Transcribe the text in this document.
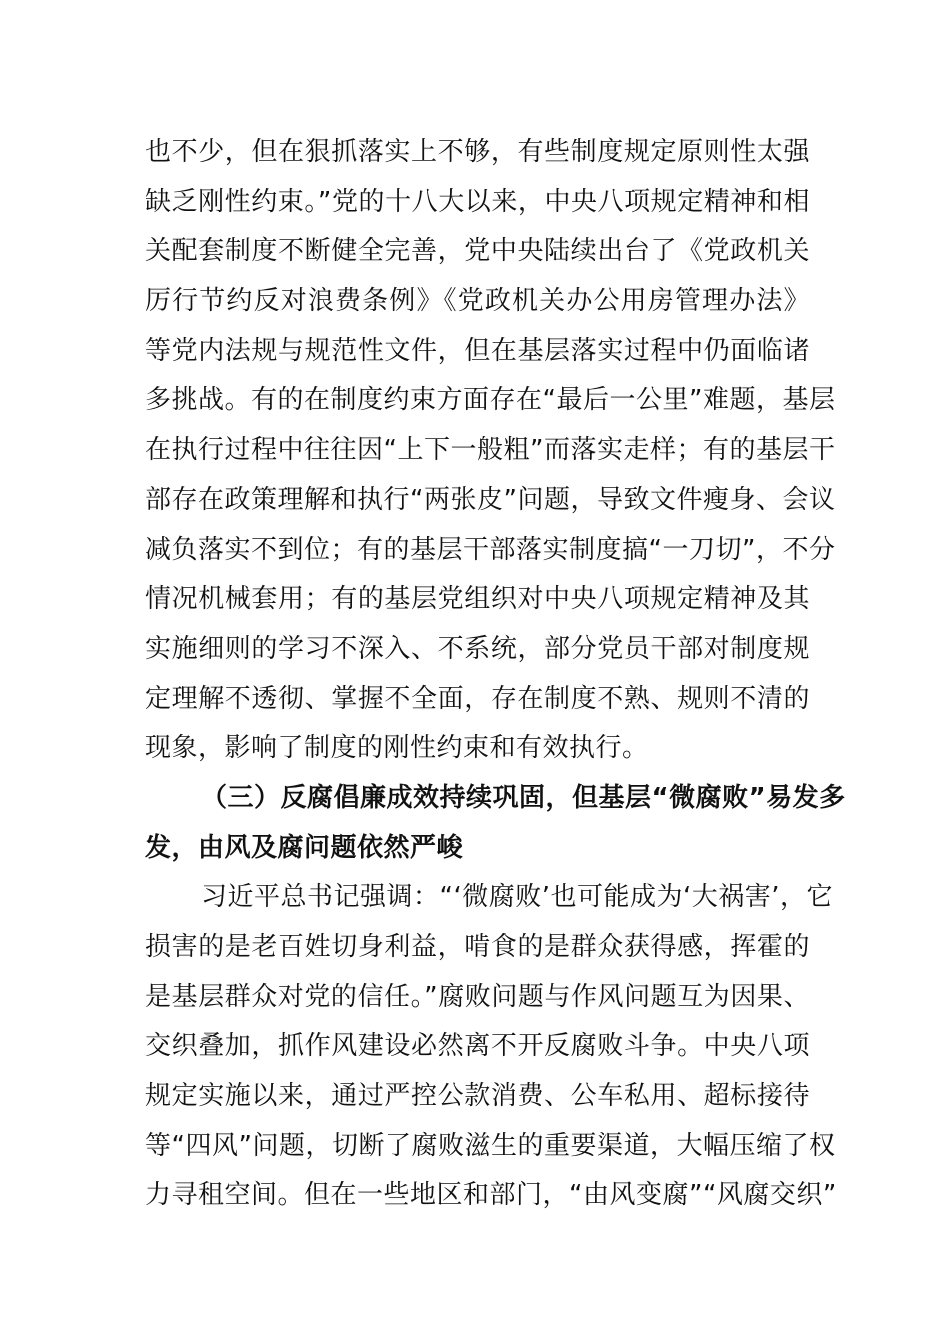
也不少，但在狠抓落实上不够，有些制度规定原则性太强
缺乏刚性约束。”党的十八大以来，中央八项规定精神和相
关配套制度不断健全完善，党中央陆续出台了《党政机关
厉行节约反对浪费条例》《党政机关办公用房管理办法》
等党内法规与规范性文件，但在基层落实过程中仍面临诸
多挑战。有的在制度约束方面存在“最后一公里”难题，基层
在执行过程中往往因“上下一般粗”而落实走样；有的基层干
部存在政策理解和执行“两张皮”问题，导致文件瘦身、会议
减负落实不到位；有的基层干部落实制度搞“一刀切”，不分
情况机械套用；有的基层党组织对中央八项规定精神及其
实施细则的学习不深入、不系统，部分党员干部对制度规
定理解不透彻、掌握不全面，存在制度不熟、规则不清的
现象，影响了制度的刚性约束和有效执行。
（三）反腐倡廉成效持续巩固，但基层“微腐败”易发多
发，由风及腐问题依然严峻
习近平总书记强调：“‘微腐败’也可能成为‘大祸害’，它
损害的是老百姓切身利益，啃食的是群众获得感，挥霍的
是基层群众对党的信任。”腐败问题与作风问题互为因果、
交织叠加，抓作风建设必然离不开反腐败斗争。中央八项
规定实施以来，通过严控公款消费、公车私用、超标接待
等“四风”问题，切断了腐败滋生的重要渠道，大幅压缩了权
力寻租空间。但在一些地区和部门，“由风变腐”“风腐交织”
